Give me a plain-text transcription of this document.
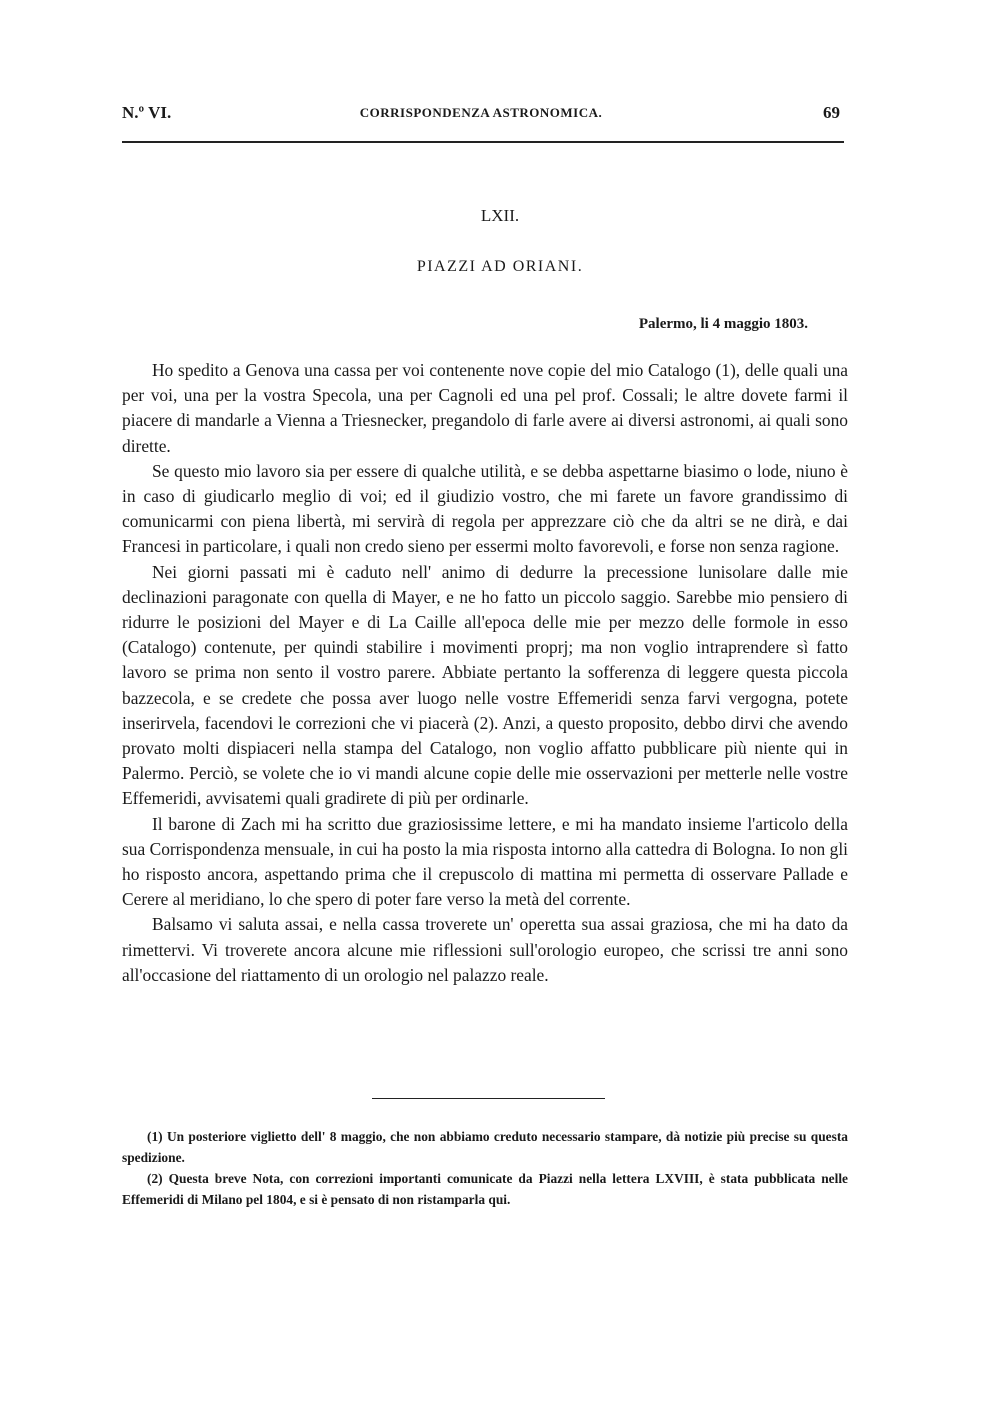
N.º VI.	CORRISPONDENZA ASTRONOMICA.	69
LXII.
PIAZZI AD ORIANI.
Palermo, li 4 maggio 1803.

Ho spedito a Genova una cassa per voi contenente nove copie del mio Catalogo (1), delle quali una per voi, una per la vostra Specola, una per Cagnoli ed una pel prof. Cossali; le altre dovete farmi il piacere di mandarle a Vienna a Triesnecker, pregandolo di farle avere ai diversi astronomi, ai quali sono dirette.

Se questo mio lavoro sia per essere di qualche utilità, e se debba aspettarne biasimo o lode, niuno è in caso di giudicarlo meglio di voi; ed il giudizio vostro, che mi farete un favore grandissimo di comunicarmi con piena libertà, mi servirà di regola per apprezzare ciò che da altri se ne dirà, e dai Francesi in particolare, i quali non credo sieno per essermi molto favorevoli, e forse non senza ragione.

Nei giorni passati mi è caduto nell' animo di dedurre la precessione lunisolare dalle mie declinazioni paragonate con quella di Mayer, e ne ho fatto un piccolo saggio. Sarebbe mio pensiero di ridurre le posizioni del Mayer e di La Caille all'epoca delle mie per mezzo delle formole in esso (Catalogo) contenute, per quindi stabilire i movimenti proprj; ma non voglio intraprendere sì fatto lavoro se prima non sento il vostro parere. Abbiate pertanto la sofferenza di leggere questa piccola bazzecola, e se credete che possa aver luogo nelle vostre Effemeridi senza farvi vergogna, potete inserirvela, facendovi le correzioni che vi piacerà (2). Anzi, a questo proposito, debbo dirvi che avendo provato molti dispiaceri nella stampa del Catalogo, non voglio affatto pubblicare più niente qui in Palermo. Perciò, se volete che io vi mandi alcune copie delle mie osservazioni per metterle nelle vostre Effemeridi, avvisatemi quali gradirete di più per ordinarle.

Il barone di Zach mi ha scritto due graziosissime lettere, e mi ha mandato insieme l'articolo della sua Corrispondenza mensuale, in cui ha posto la mia risposta intorno alla cattedra di Bologna. Io non gli ho risposto ancora, aspettando prima che il crepuscolo di mattina mi permetta di osservare Pallade e Cerere al meridiano, lo che spero di poter fare verso la metà del corrente.

Balsamo vi saluta assai, e nella cassa troverete un' operetta sua assai graziosa, che mi ha dato da rimettervi. Vi troverete ancora alcune mie riflessioni sull'orologio europeo, che scrissi tre anni sono all'occasione del riattamento di un orologio nel palazzo reale.

(1) Un posteriore viglietto dell' 8 maggio, che non abbiamo creduto necessario stampare, dà notizie più precise su questa spedizione.

(2) Questa breve Nota, con correzioni importanti comunicate da Piazzi nella lettera LXVIII, è stata pubblicata nelle Effemeridi di Milano pel 1804, e si è pensato di non ristamparla qui.
